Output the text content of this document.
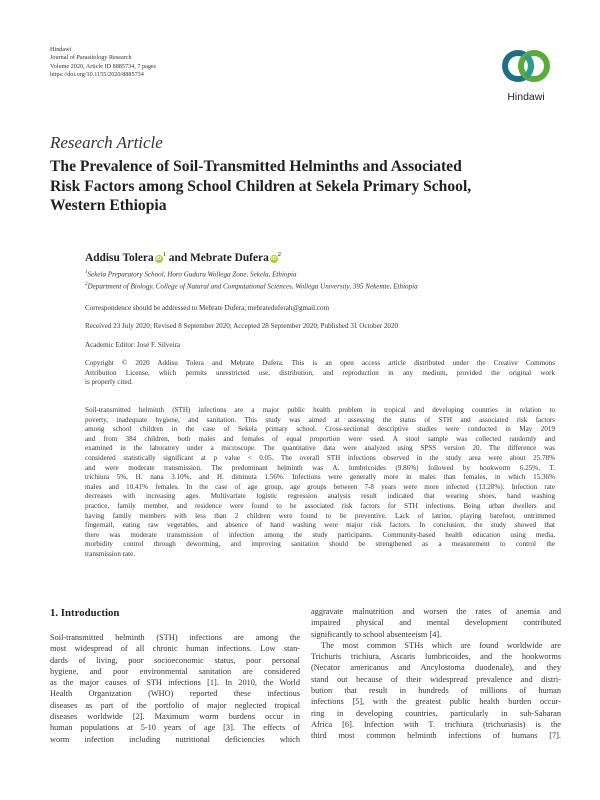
Hindawi
Journal of Parasitology Research
Volume 2020, Article ID 8885734, 7 pages
https://doi.org/10.1155/2020/8885734
Hindawi
Research Article
The Prevalence of Soil-Transmitted Helminths and Associated
Risk Factors among School Children at Sekela Primary School,
Western Ethiopia
Addisu Tolera $iD^1$ and Mebrate Dufera $iD^2$
$^1$Sekela Preparatory School, Horo Guduru Wollega Zone, Sekela, Ethiopia
$^2$Department of Biology, College of Natural and Computational Sciences, Wollega University, 395 Nekemte, Ethiopia
Correspondence should be addressed to Mebrate Dufera; mebrateduferah@gmail.com
Received 23 July 2020; Revised 8 September 2020; Accepted 28 September 2020; Published 31 October 2020
Academic Editor: José F. Silveira
Copyright © 2020 Addisu Tolera and Mebrate Dufera. This is an open access article distributed under the Creative Commons
Attribution License, which permits unrestricted use, distribution, and reproduction in any medium, provided the original work
is properly cited.
Soil-transmitted helminth (STH) infections are a major public health problem in tropical and developing countries in relation to
poverty, inadequate hygiene, and sanitation. This study was aimed at assessing the status of STH and associated risk factors
among school children in the case of Sekela primary school. Cross-sectional descriptive studies were conducted in May 2019
and from 384 children, both males and females of equal proportion were used. A stool sample was collected randomly and
examined in the laboratory under a microscope. The quantitative data were analyzed using SPSS version 20. The difference was
considered statistically significant at p value < 0.05. The overall STH infections observed in the study area were about 25.78%
and were moderate transmission. The predominant helminth was A. lumbricoides (9.86%) followed by hookworm 6.25%, T.
trichiura 5%, H. nana 3.10%, and H. diminuta 1.56%. Infections were generally more in males than females, in which 15.36%
males and 10.41% females. In the case of age group, age groups between 7-8 years were more infected (13.28%). Infection rate
decreases with increasing ages. Multivariate logistic regression analysis result indicated that wearing shoes, hand washing
practice, family member, and residence were found to be associated risk factors for STH infections. Being urban dwellers and
having family members with less than 2 children were found to be preventive. Lack of latrine, playing barefoot, untrimmed
fingernail, eating raw vegetables, and absence of hand washing were major risk factors. In conclusion, the study showed that
there was moderate transmission of infection among the study participants. Community-based health education using media,
morbidity control through deworming, and improving sanitation should be strengthened as a measurement to control the
transmission rate.
1. Introduction
Soil-transmitted helminth (STH) infections are among the
most widespread of all chronic human infections. Low stan-
dards of living, poor socioeconomic status, poor personal
hygiene, and poor environmental sanitation are considered
as the major causes of STH infections [1]. In 2010, the World
Health Organization (WHO) reported these infectious
diseases as part of the portfolio of major neglected tropical
diseases worldwide [2]. Maximum worm burdens occur in
human populations at 5-10 years of age [3]. The effects of
worm infection including nutritional deficiencies which
aggravate malnutrition and worsen the rates of anemia and
impaired physical and mental development contributed
significantly to school absenteeism [4].
The most common STHs which are found worldwide are
Trichuris trichiura, Ascaris lumbricoides, and the hookworms
(Necator americanus and Ancylostoma duodenale), and they
stand out because of their widespread prevalence and distri-
bution that result in hundreds of millions of human
infections [5], with the greatest public health burden occur-
ring in developing countries, particularly in sub-Saharan
Africa [6]. Infection with T. trichiura (trichuriasis) is the
third most common helminth infections of humans [7].
